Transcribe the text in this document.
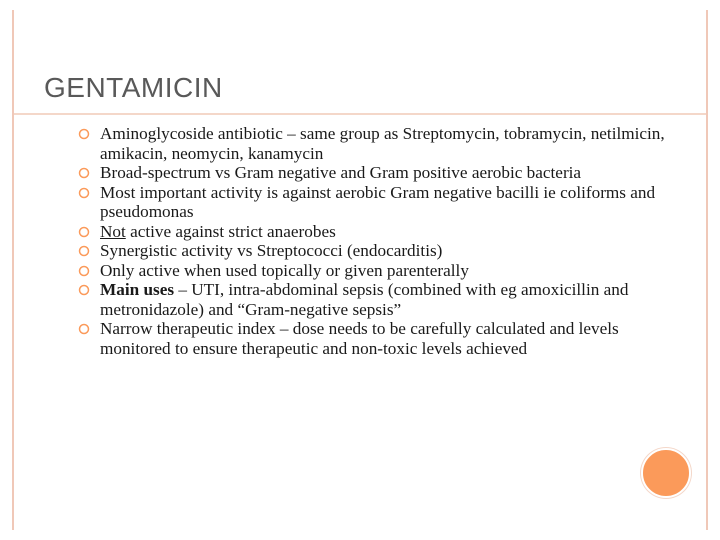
GENTAMICIN
Aminoglycoside antibiotic – same group as Streptomycin, tobramycin, netilmicin, amikacin, neomycin, kanamycin
Broad-spectrum vs Gram negative and Gram positive aerobic bacteria
Most important activity is against aerobic Gram negative bacilli ie coliforms and pseudomonas
Not active against strict anaerobes
Synergistic activity vs Streptococci (endocarditis)
Only active when used topically or given parenterally
Main uses – UTI, intra-abdominal sepsis (combined with eg amoxicillin and metronidazole) and “Gram-negative sepsis”
Narrow therapeutic index – dose needs to be carefully calculated and levels monitored to ensure therapeutic and non-toxic levels achieved
